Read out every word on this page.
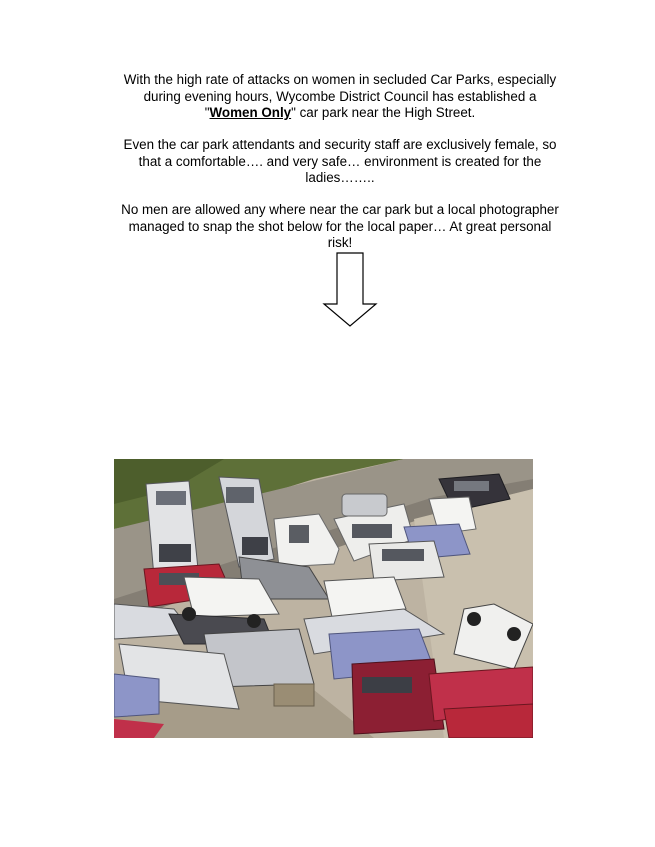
With the high rate of attacks on women in secluded Car Parks, especially during evening hours, Wycombe District Council has established a "Women Only" car park near the High Street.

Even the car park attendants and security staff are exclusively female, so that a comfortable…. and very safe… environment is created for the ladies……..

No men are allowed any where near the car park but a local photographer managed to snap the shot below for the local paper… At great personal risk!
